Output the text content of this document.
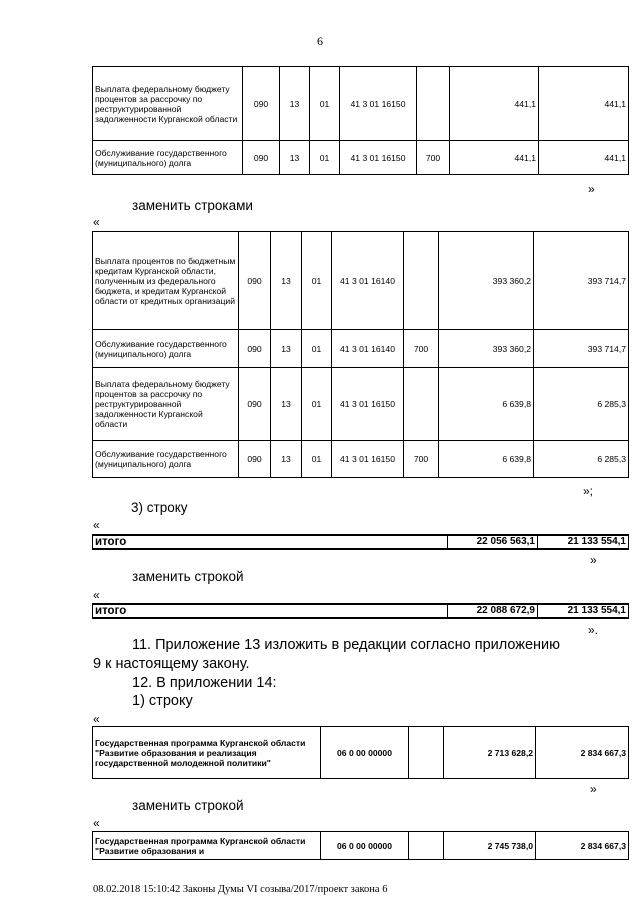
6
Выплата федеральному бюджету процентов за рассрочку по реструктурированной задолженности Курганской области	090	13	01	41 3 01 16150		441,1	441,1
Обслуживание государственного (муниципального) долга	090	13	01	41 3 01 16150	700	441,1	441,1
»
заменить строками
«
Выплата процентов по бюджетным кредитам Курганской области, полученным из федерального бюджета, и кредитам Курганской области от кредитных организаций	090	13	01	41 3 01 16140		393 360,2	393 714,7
Обслуживание государственного (муниципального) долга	090	13	01	41 3 01 16140	700	393 360,2	393 714,7
Выплата федеральному бюджету процентов за рассрочку по реструктурированной задолженности Курганской области	090	13	01	41 3 01 16150		6 639,8	6 285,3
Обслуживание государственного (муниципального) долга	090	13	01	41 3 01 16150	700	6 639,8	6 285,3
»;
3) строку
«
итого	22 056 563,1	21 133 554,1
»
заменить строкой
«
итого	22 088 672,9	21 133 554,1
».
11. Приложение 13 изложить в редакции согласно приложению
9 к настоящему закону.
12. В приложении 14:
1) строку
«
Государственная программа Курганской области "Развитие образования и реализация государственной молодежной политики"	06 0 00 00000		2 713 628,2	2 834 667,3
»
заменить строкой
«
Государственная программа Курганской области "Развитие образования и	06 0 00 00000		2 745 738,0	2 834 667,3
08.02.2018 15:10:42 Законы Думы VI созыва/2017/проект закона 6
